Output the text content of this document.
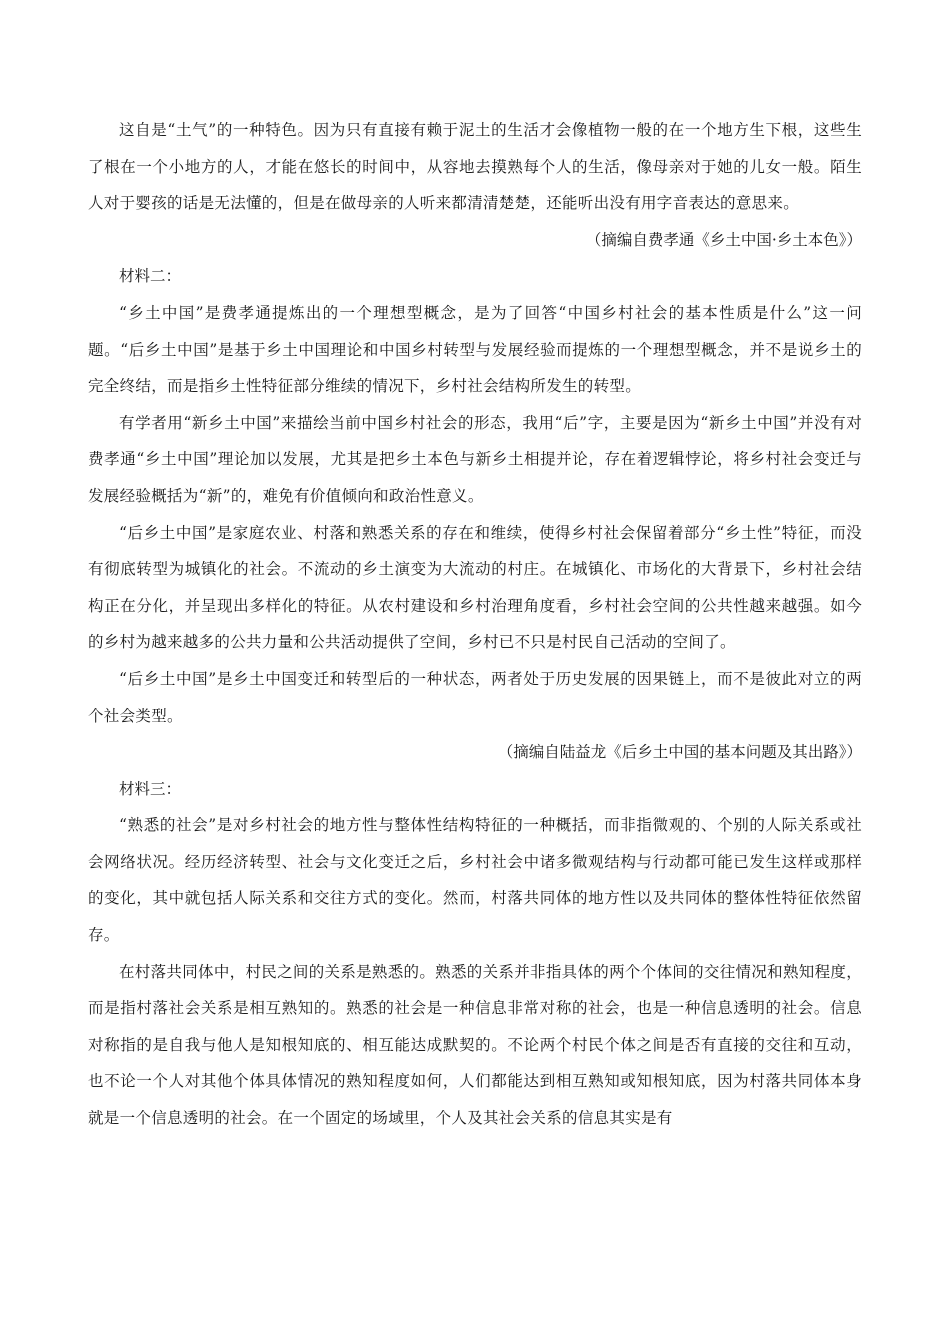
这自是“土气”的一种特色。因为只有直接有赖于泥土的生活才会像植物一般的在一个地方生下根，这些生了根在一个小地方的人，才能在悠长的时间中，从容地去摸熟每个人的生活，像母亲对于她的儿女一般。陌生人对于婴孩的话是无法懂的，但是在做母亲的人听来都清清楚楚，还能听出没有用字音表达的意思来。

（摘编自费孝通《乡土中国·乡土本色》）

材料二：

“乡土中国”是费孝通提炼出的一个理想型概念，是为了回答“中国乡村社会的基本性质是什么”这一问题。“后乡土中国”是基于乡土中国理论和中国乡村转型与发展经验而提炼的一个理想型概念，并不是说乡土的完全终结，而是指乡土性特征部分维续的情况下，乡村社会结构所发生的转型。

有学者用“新乡土中国”来描绘当前中国乡村社会的形态，我用“后”字，主要是因为“新乡土中国”并没有对费孝通“乡土中国”理论加以发展，尤其是把乡土本色与新乡土相提并论，存在着逻辑悖论，将乡村社会变迁与发展经验概括为“新”的，难免有价值倾向和政治性意义。

“后乡土中国”是家庭农业、村落和熟悉关系的存在和维续，使得乡村社会保留着部分“乡土性”特征，而没有彻底转型为城镇化的社会。不流动的乡土演变为大流动的村庄。在城镇化、市场化的大背景下，乡村社会结构正在分化，并呈现出多样化的特征。从农村建设和乡村治理角度看，乡村社会空间的公共性越来越强。如今的乡村为越来越多的公共力量和公共活动提供了空间，乡村已不只是村民自己活动的空间了。

“后乡土中国”是乡土中国变迁和转型后的一种状态，两者处于历史发展的因果链上，而不是彼此对立的两个社会类型。

（摘编自陆益龙《后乡土中国的基本问题及其出路》）

材料三：

“熟悉的社会”是对乡村社会的地方性与整体性结构特征的一种概括，而非指微观的、个别的人际关系或社会网络状况。经历经济转型、社会与文化变迁之后，乡村社会中诸多微观结构与行动都可能已发生这样或那样的变化，其中就包括人际关系和交往方式的变化。然而，村落共同体的地方性以及共同体的整体性特征依然留存。

在村落共同体中，村民之间的关系是熟悉的。熟悉的关系并非指具体的两个个体间的交往情况和熟知程度，而是指村落社会关系是相互熟知的。熟悉的社会是一种信息非常对称的社会，也是一种信息透明的社会。信息对称指的是自我与他人是知根知底的、相互能达成默契的。不论两个村民个体之间是否有直接的交往和互动，也不论一个人对其他个体具体情况的熟知程度如何，人们都能达到相互熟知或知根知底，因为村落共同体本身就是一个信息透明的社会。在一个固定的场域里，个人及其社会关系的信息其实是有
